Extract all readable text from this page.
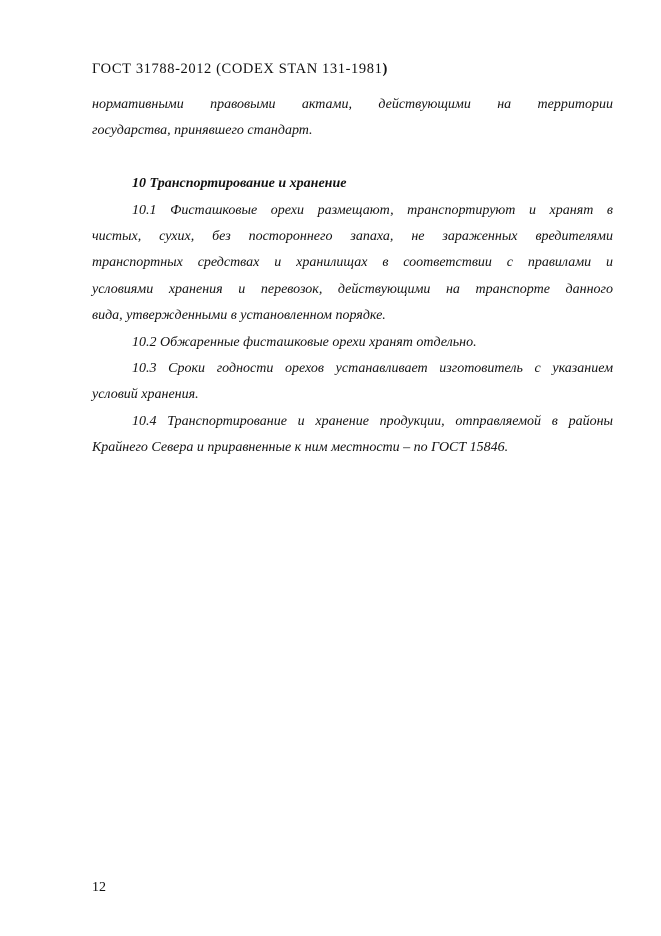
ГОСТ 31788-2012 (CODEX STAN 131-1981)
нормативными правовыми актами, действующими на территории
государства, принявшего стандарт.
10 Транспортирование и хранение
10.1 Фисташковые орехи размещают, транспортируют и хранят в
чистых, сухих, без постороннего запаха, не зараженных вредителями
транспортных средствах и хранилищах в соответствии с правилами и
условиями хранения и перевозок, действующими на транспорте данного
вида, утвержденными в установленном порядке.
10.2 Обжаренные фисташковые орехи хранят отдельно.
10.3 Сроки годности орехов устанавливает изготовитель с указанием
условий хранения.
10.4 Транспортирование и хранение продукции, отправляемой в районы
Крайнего Севера и приравненные к ним местности – по ГОСТ 15846.
12
